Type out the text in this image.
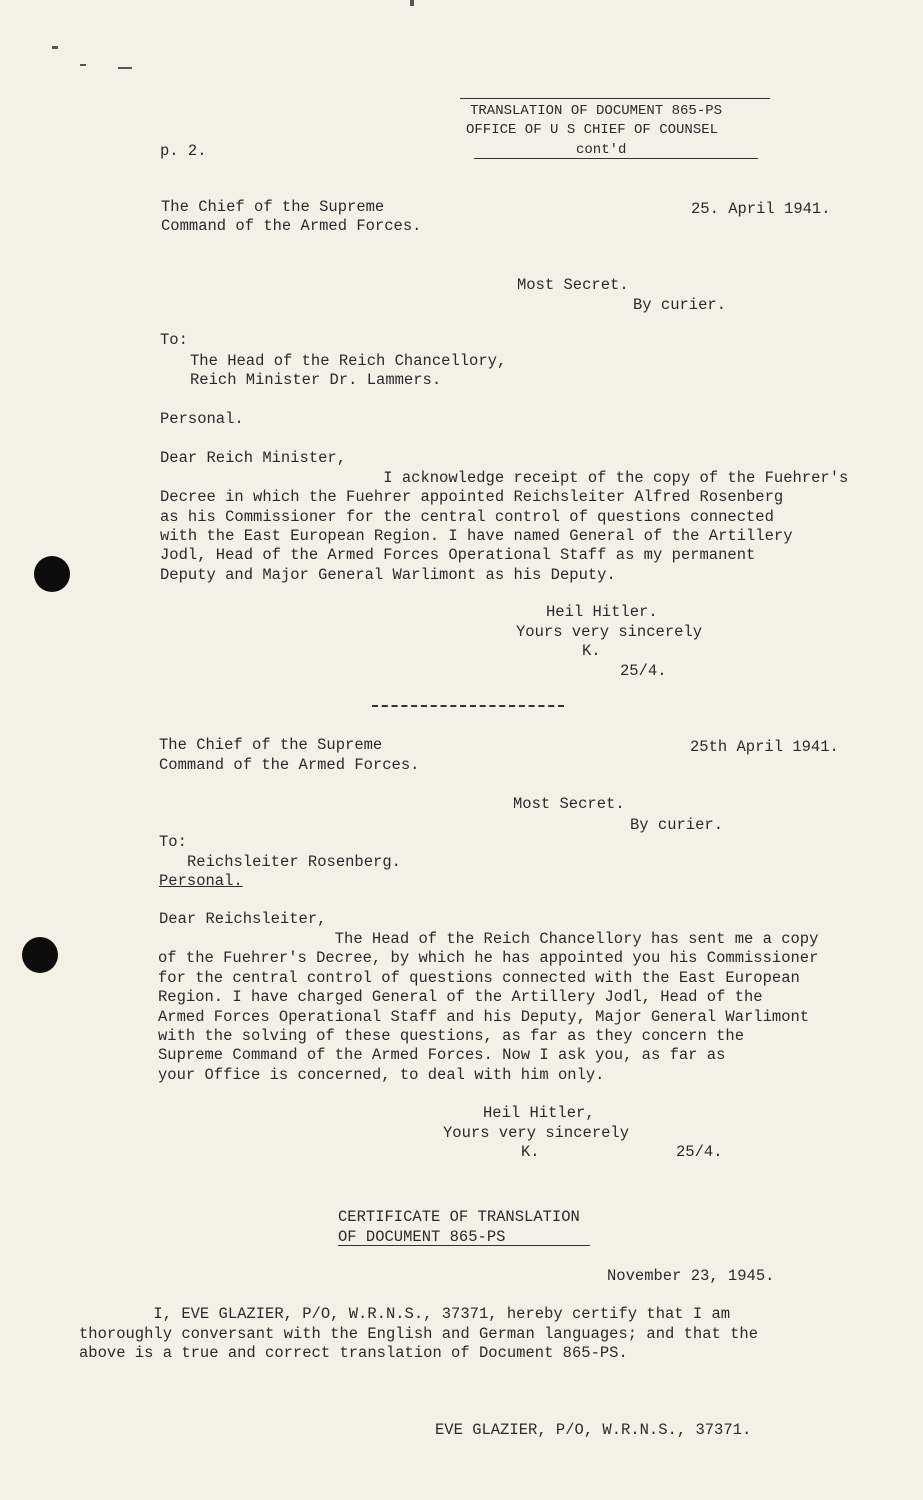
TRANSLATION OF DOCUMENT 865-PS
OFFICE OF U S CHIEF OF COUNSEL
cont'd
p. 2.
The Chief of the Supreme
Command of the Armed Forces.
25. April 1941.
Most Secret.
By curier.
To:
The Head of the Reich Chancellory,
Reich Minister Dr. Lammers.
Personal.
Dear Reich Minister,
I acknowledge receipt of the copy of the Fuehrer's
Decree in which the Fuehrer appointed Reichsleiter Alfred Rosenberg
as his Commissioner for the central control of questions connected
with the East European Region. I have named General of the Artillery
Jodl, Head of the Armed Forces Operational Staff as my permanent
Deputy and Major General Warlimont as his Deputy.
Heil Hitler.
Yours very sincerely
K.
25/4.
The Chief of the Supreme
Command of the Armed Forces.
25th April 1941.
Most Secret.
By curier.
To:
Reichsleiter Rosenberg.
Personal.
Dear Reichsleiter,
The Head of the Reich Chancellory has sent me a copy
of the Fuehrer's Decree, by which he has appointed you his Commissioner
for the central control of questions connected with the East European
Region. I have charged General of the Artillery Jodl, Head of the
Armed Forces Operational Staff and his Deputy, Major General Warlimont
with the solving of these questions, as far as they concern the
Supreme Command of the Armed Forces. Now I ask you, as far as
your Office is concerned, to deal with him only.
Heil Hitler,
Yours very sincerely
K.	25/4.
CERTIFICATE OF TRANSLATION
OF DOCUMENT 865-PS
November 23, 1945.
I, EVE GLAZIER, P/O, W.R.N.S., 37371, hereby certify that I am
thoroughly conversant with the English and German languages; and that the
above is a true and correct translation of Document 865-PS.
EVE GLAZIER, P/O, W.R.N.S., 37371.
